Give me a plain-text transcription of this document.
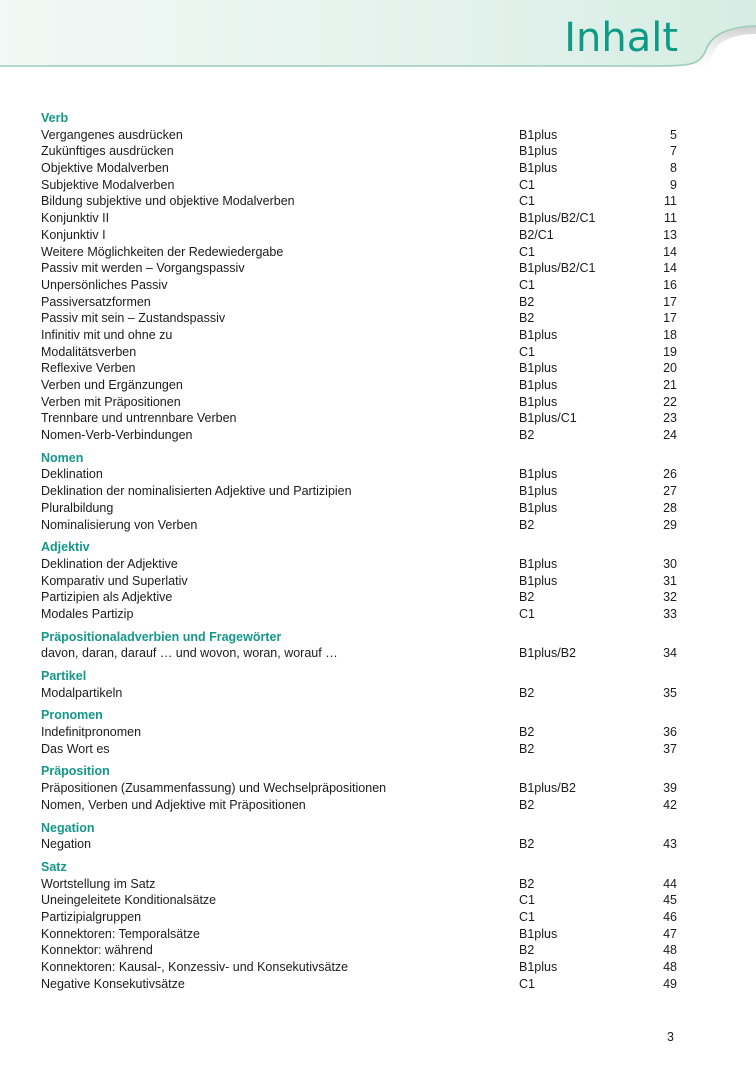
Inhalt
Verb
Vergangenes ausdrücken	B1plus	5
Zukünftiges ausdrücken	B1plus	7
Objektive Modalverben	B1plus	8
Subjektive Modalverben	C1	9
Bildung subjektive und objektive Modalverben	C1	11
Konjunktiv II	B1plus/B2/C1	11
Konjunktiv I	B2/C1	13
Weitere Möglichkeiten der Redewiedergabe	C1	14
Passiv mit werden – Vorgangspassiv	B1plus/B2/C1	14
Unpersönliches Passiv	C1	16
Passiversatzformen	B2	17
Passiv mit sein – Zustandspassiv	B2	17
Infinitiv mit und ohne zu	B1plus	18
Modalitätsverben	C1	19
Reflexive Verben	B1plus	20
Verben und Ergänzungen	B1plus	21
Verben mit Präpositionen	B1plus	22
Trennbare und untrennbare Verben	B1plus/C1	23
Nomen-Verb-Verbindungen	B2	24
Nomen
Deklination	B1plus	26
Deklination der nominalisierten Adjektive und Partizipien	B1plus	27
Pluralbildung	B1plus	28
Nominalisierung von Verben	B2	29
Adjektiv
Deklination der Adjektive	B1plus	30
Komparativ und Superlativ	B1plus	31
Partizipien als Adjektive	B2	32
Modales Partizip	C1	33
Präpositionaladverbien und Fragewörter
davon, daran, darauf … und wovon, woran, worauf …	B1plus/B2	34
Partikel
Modalpartikeln	B2	35
Pronomen
Indefinitpronomen	B2	36
Das Wort es	B2	37
Präposition
Präpositionen (Zusammenfassung) und Wechselpräpositionen	B1plus/B2	39
Nomen, Verben und Adjektive mit Präpositionen	B2	42
Negation
Negation	B2	43
Satz
Wortstellung im Satz	B2	44
Uneingeleitete Konditionalsätze	C1	45
Partizipialgruppen	C1	46
Konnektoren: Temporalsätze	B1plus	47
Konnektor: während	B2	48
Konnektoren: Kausal-, Konzessiv- und Konsekutivsätze	B1plus	48
Negative Konsekutivsätze	C1	49
3
